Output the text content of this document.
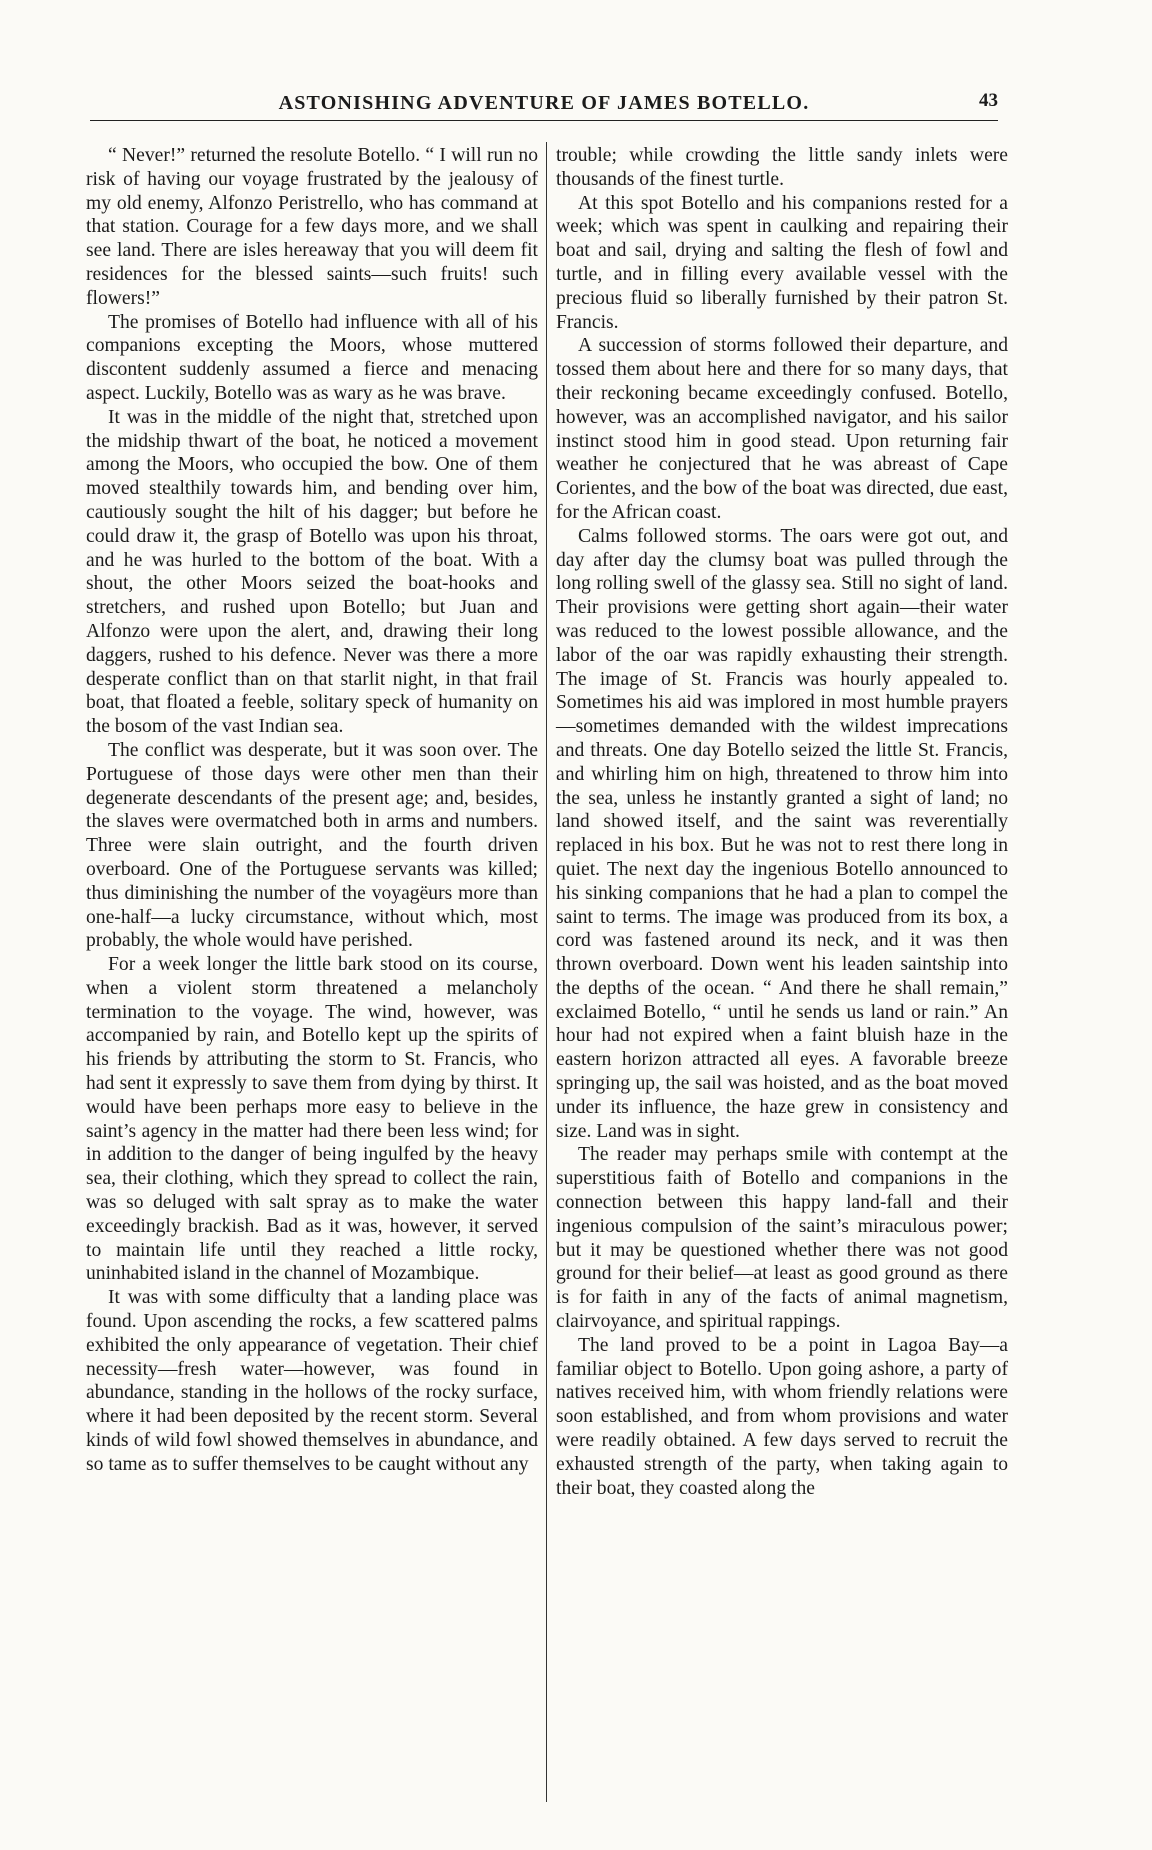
ASTONISHING ADVENTURE OF JAMES BOTELLO.	43

“ Never!” returned the resolute Botello. “ I will run no risk of having our voyage frustrated by the jealousy of my old enemy, Alfonzo Peristrello, who has command at that station. Courage for a few days more, and we shall see land. There are isles hereaway that you will deem fit residences for the blessed saints—such fruits! such flowers!”

The promises of Botello had influence with all of his companions excepting the Moors, whose muttered discontent suddenly assumed a fierce and menacing aspect. Luckily, Botello was as wary as he was brave.

It was in the middle of the night that, stretched upon the midship thwart of the boat, he noticed a movement among the Moors, who occupied the bow. One of them moved stealthily towards him, and bending over him, cautiously sought the hilt of his dagger; but before he could draw it, the grasp of Botello was upon his throat, and he was hurled to the bottom of the boat. With a shout, the other Moors seized the boat-hooks and stretchers, and rushed upon Botello; but Juan and Alfonzo were upon the alert, and, drawing their long daggers, rushed to his defence. Never was there a more desperate conflict than on that starlit night, in that frail boat, that floated a feeble, solitary speck of humanity on the bosom of the vast Indian sea.

The conflict was desperate, but it was soon over. The Portuguese of those days were other men than their degenerate descendants of the present age; and, besides, the slaves were overmatched both in arms and numbers. Three were slain outright, and the fourth driven overboard. One of the Portuguese servants was killed; thus diminishing the number of the voyagëurs more than one-half—a lucky circumstance, without which, most probably, the whole would have perished.

For a week longer the little bark stood on its course, when a violent storm threatened a melancholy termination to the voyage. The wind, however, was accompanied by rain, and Botello kept up the spirits of his friends by attributing the storm to St. Francis, who had sent it expressly to save them from dying by thirst. It would have been perhaps more easy to believe in the saint’s agency in the matter had there been less wind; for in addition to the danger of being ingulfed by the heavy sea, their clothing, which they spread to collect the rain, was so deluged with salt spray as to make the water exceedingly brackish. Bad as it was, however, it served to maintain life until they reached a little rocky, uninhabited island in the channel of Mozambique.

It was with some difficulty that a landing place was found. Upon ascending the rocks, a few scattered palms exhibited the only appearance of vegetation. Their chief necessity—fresh water—however, was found in abundance, standing in the hollows of the rocky surface, where it had been deposited by the recent storm. Several kinds of wild fowl showed themselves in abundance, and so tame as to suffer themselves to be caught without any

trouble; while crowding the little sandy inlets were thousands of the finest turtle.

At this spot Botello and his companions rested for a week; which was spent in caulking and repairing their boat and sail, drying and salting the flesh of fowl and turtle, and in filling every available vessel with the precious fluid so liberally furnished by their patron St. Francis.

A succession of storms followed their departure, and tossed them about here and there for so many days, that their reckoning became exceedingly confused. Botello, however, was an accomplished navigator, and his sailor instinct stood him in good stead. Upon returning fair weather he conjectured that he was abreast of Cape Corientes, and the bow of the boat was directed, due east, for the African coast.

Calms followed storms. The oars were got out, and day after day the clumsy boat was pulled through the long rolling swell of the glassy sea. Still no sight of land. Their provisions were getting short again—their water was reduced to the lowest possible allowance, and the labor of the oar was rapidly exhausting their strength. The image of St. Francis was hourly appealed to. Sometimes his aid was implored in most humble prayers—sometimes demanded with the wildest imprecations and threats. One day Botello seized the little St. Francis, and whirling him on high, threatened to throw him into the sea, unless he instantly granted a sight of land; no land showed itself, and the saint was reverentially replaced in his box. But he was not to rest there long in quiet. The next day the ingenious Botello announced to his sinking companions that he had a plan to compel the saint to terms. The image was produced from its box, a cord was fastened around its neck, and it was then thrown overboard. Down went his leaden saintship into the depths of the ocean. “ And there he shall remain,” exclaimed Botello, “ until he sends us land or rain.” An hour had not expired when a faint bluish haze in the eastern horizon attracted all eyes. A favorable breeze springing up, the sail was hoisted, and as the boat moved under its influence, the haze grew in consistency and size. Land was in sight.

The reader may perhaps smile with contempt at the superstitious faith of Botello and companions in the connection between this happy land-fall and their ingenious compulsion of the saint’s miraculous power; but it may be questioned whether there was not good ground for their belief—at least as good ground as there is for faith in any of the facts of animal magnetism, clairvoyance, and spiritual rappings.

The land proved to be a point in Lagoa Bay—a familiar object to Botello. Upon going ashore, a party of natives received him, with whom friendly relations were soon established, and from whom provisions and water were readily obtained. A few days served to recruit the exhausted strength of the party, when taking again to their boat, they coasted along the
